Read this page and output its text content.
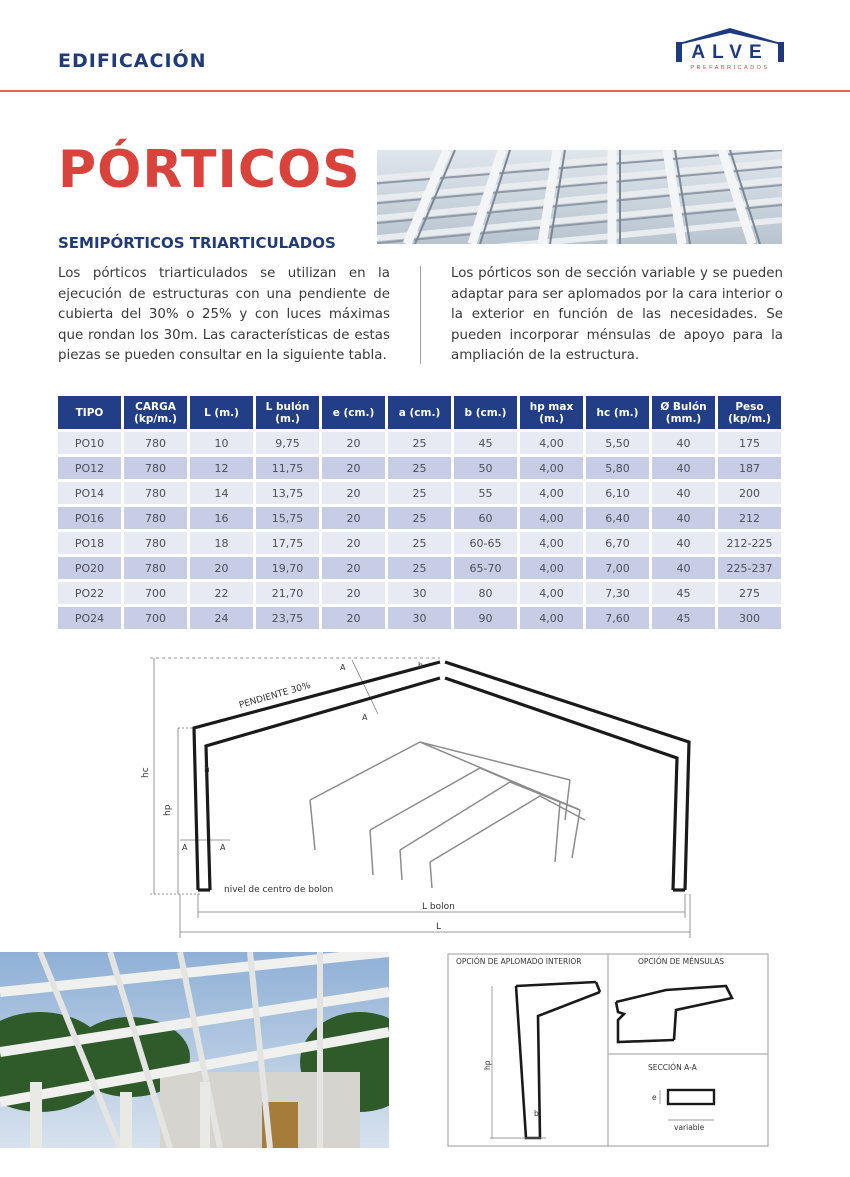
EDIFICACIÓN	ALVE
PREFABRICADOS
PÓRTICOS
SEMIPÓRTICOS TRIARTICULADOS
Los pórticos triarticulados se utilizan en la ejecución de estructuras con una pendiente de cubierta del 30% o 25% y con luces máximas que rondan los 30m. Las características de estas piezas se pueden consultar en la siguiente tabla.
Los pórticos son de sección variable y se pueden adaptar para ser aplomados por la cara interior o la exterior en función de las necesidades. Se pueden incorporar ménsulas de apoyo para la ampliación de la estructura.
TIPO	CARGA (kp/m.)	L (m.)	L bulón (m.)	e (cm.)	a (cm.)	b (cm.)	hp max (m.)	hc (m.)	Ø Bulón (mm.)	Peso (kp/m.)
PO10	780	10	9,75	20	25	45	4,00	5,50	40	175
PO12	780	12	11,75	20	25	50	4,00	5,80	40	187
PO14	780	14	13,75	20	25	55	4,00	6,10	40	200
PO16	780	16	15,75	20	25	60	4,00	6,40	40	212
PO18	780	18	17,75	20	25	60-65	4,00	6,70	40	212-225
PO20	780	20	19,70	20	25	65-70	4,00	7,00	40	225-237
PO22	700	22	21,70	20	30	80	4,00	7,30	45	275
PO24	700	24	23,75	20	30	90	4,00	7,60	45	300
PENDIENTE 30%
hc
hp
h
b
A
A
A	A
nivel de centro de bolon
L bolon
L
OPCIÓN DE APLOMADO INTERIOR	OPCIÓN DE MÉNSULAS
SECCIÓN A-A
variable
hp
b
e
